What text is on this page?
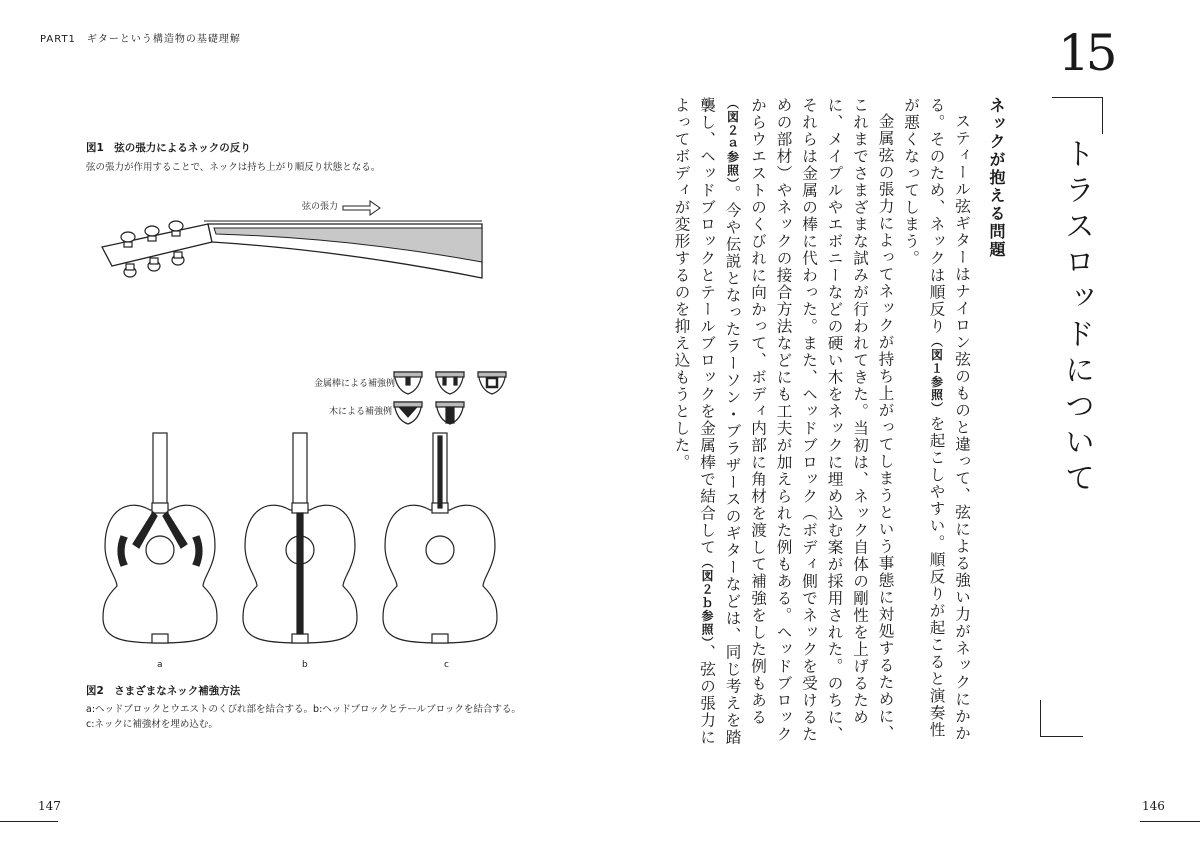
PART1　ギターという構造物の基礎理解	15
トラスロッドについて
ネックが抱える問題

スティール弦ギターはナイロン弦のものと違って、弦による強い力がネックにかかる。そのため、ネックは順反り（図１参照）を起こしやすい。順反りが起こると演奏性が悪くなってしまう。

金属弦の張力によってネックが持ち上がってしまうという事態に対処するために、これまでさまざまな試みが行われてきた。当初は、ネック自体の剛性を上げるために、メイプルやエボニーなどの硬い木をネックに埋め込む案が採用された。のちに、それらは金属の棒に代わった。また、ヘッドブロック（ボディ側でネックを受けるための部材）やネックの接合方法などにも工夫が加えられた例もある。ヘッドブロックからウエストのくびれに向かって、ボディ内部に角材を渡して補強をした例もある（図２ａ参照）。今や伝説となったラーソン・ブラザースのギターなどは、同じ考えを踏襲し、ヘッドブロックとテールブロックを金属棒で結合して（図２ｂ参照）、弦の張力によってボディが変形するのを抑え込もうとした。

図1　弦の張力によるネックの反り
弦の張力が作用することで、ネックは持ち上がり順反り状態となる。
弦の張力
金属棒による補強例
木による補強例
a	b	c
図2　さまざまなネック補強方法
a:ヘッドブロックとウエストのくびれ部を結合する。b:ヘッドブロックとテールブロックを結合する。c:ネックに補強材を埋め込む。
147	146
